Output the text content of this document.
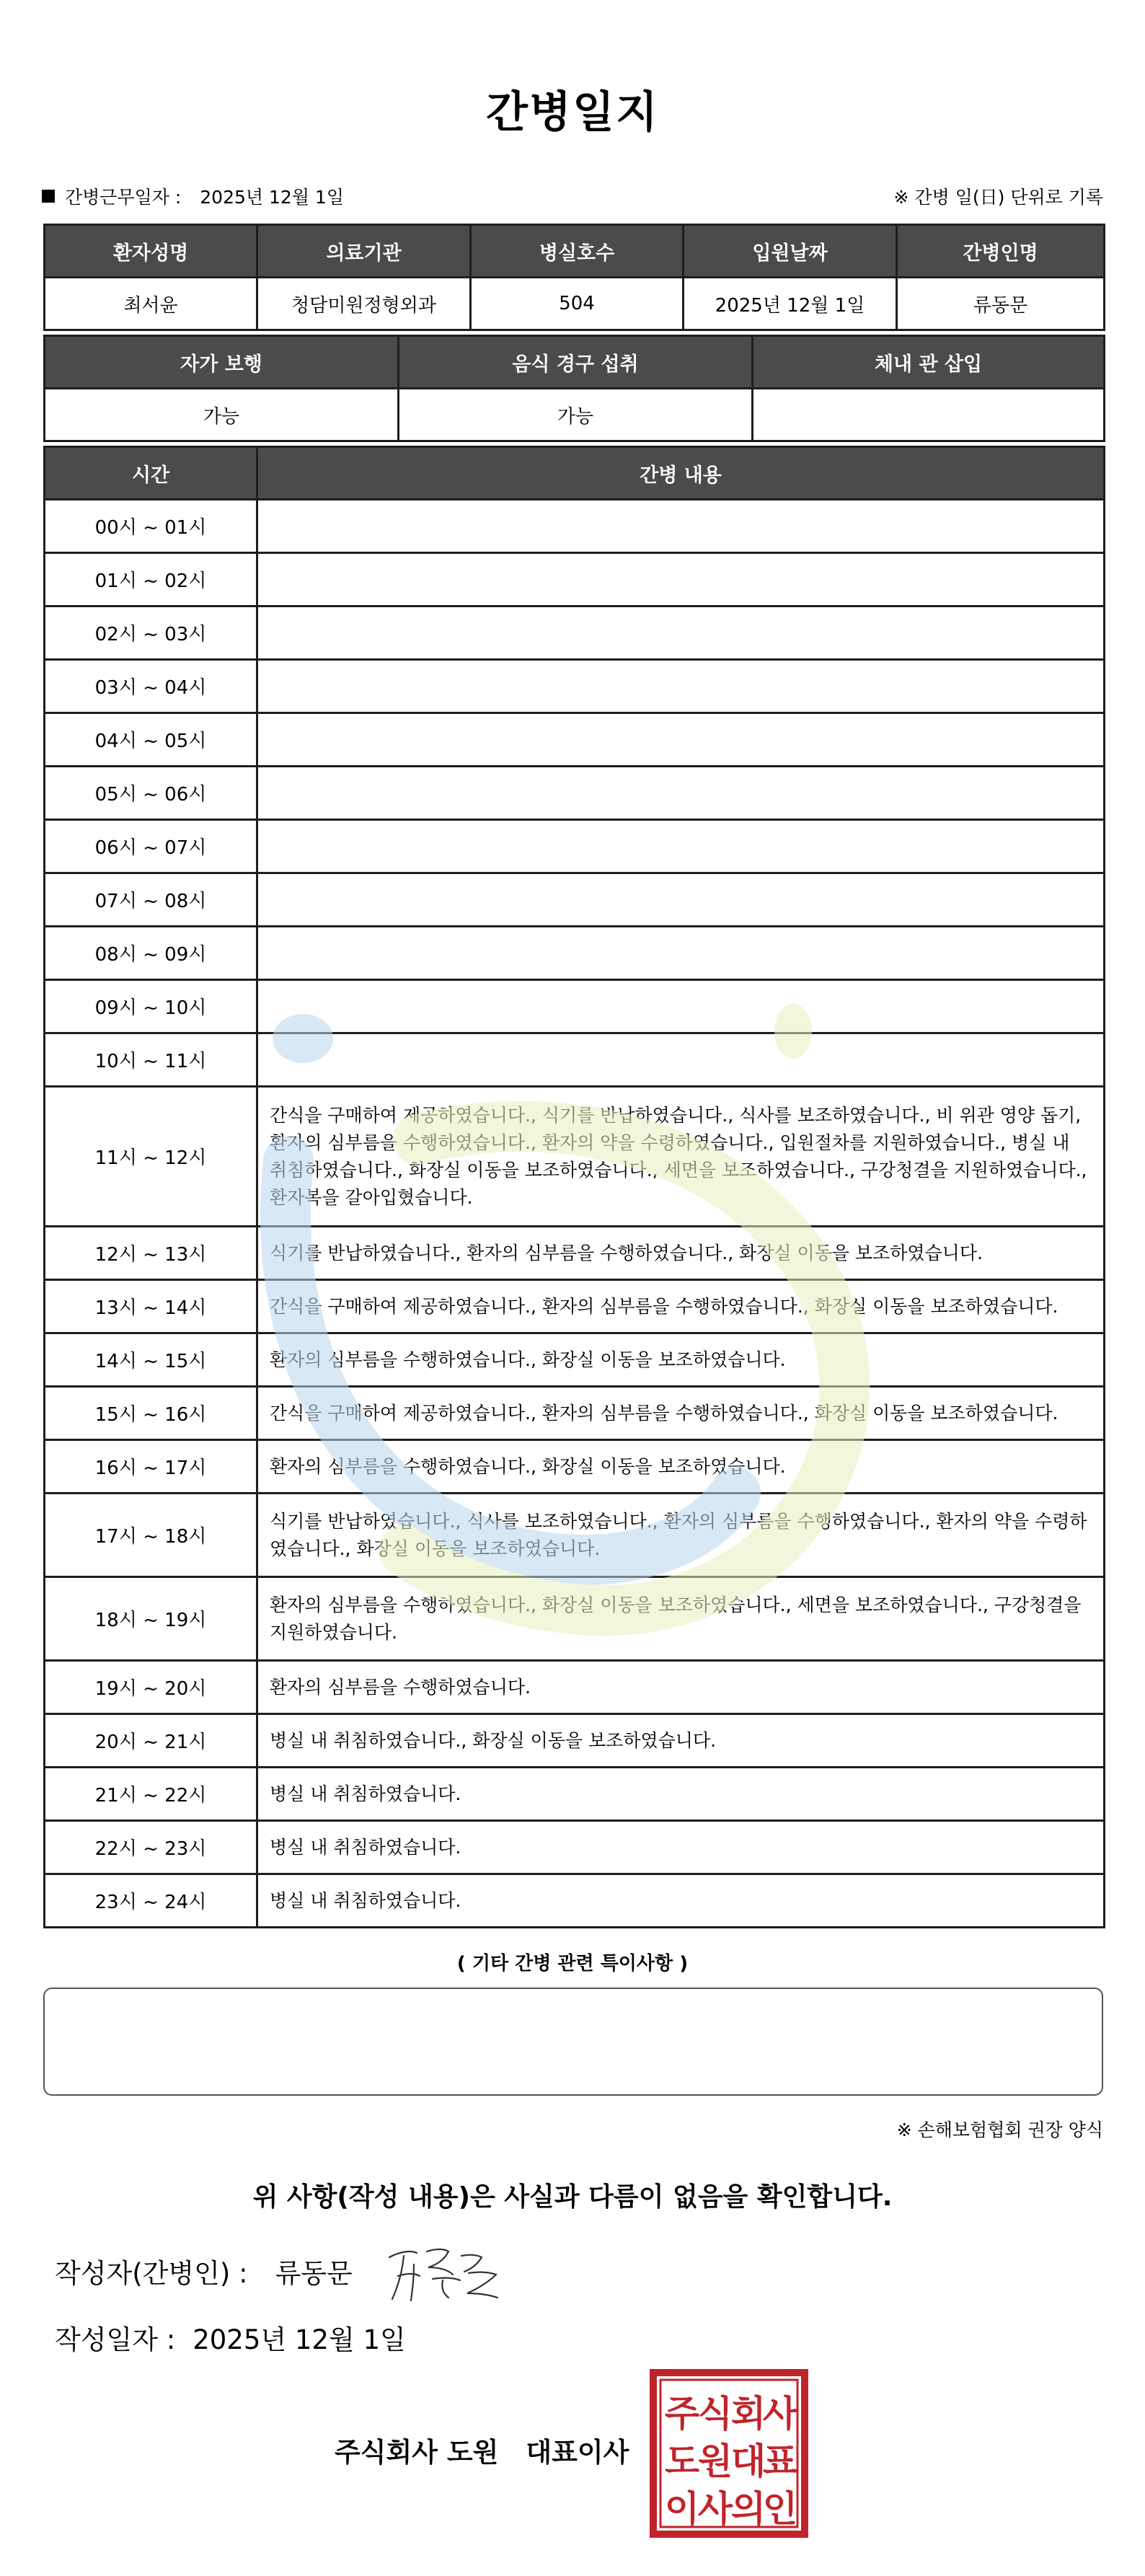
간병일지
간병근무일자 : 2025년 12월 1일	※ 간병 일(日) 단위로 기록
환자성명	의료기관	병실호수	입원날짜	간병인명
최서윤	청담미원정형외과	504	2025년 12월 1일	류동문
자가 보행	음식 경구 섭취	체내 관 삽입
가능	가능	
시간	간병 내용
00시 ~ 01시	
01시 ~ 02시	
02시 ~ 03시	
03시 ~ 04시	
04시 ~ 05시	
05시 ~ 06시	
06시 ~ 07시	
07시 ~ 08시	
08시 ~ 09시	
09시 ~ 10시	
10시 ~ 11시	
11시 ~ 12시	간식을 구매하여 제공하였습니다., 식기를 반납하였습니다., 식사를 보조하였습니다., 비 위관 영양 돕기, 환자의 심부름을 수행하였습니다., 환자의 약을 수령하였습니다., 입원절차를 지원하였습니다., 병실 내 취침하였습니다., 화장실 이동을 보조하였습니다., 세면을 보조하였습니다., 구강청결을 지원하였습니다., 환자복을 갈아입혔습니다.
12시 ~ 13시	식기를 반납하였습니다., 환자의 심부름을 수행하였습니다., 화장실 이동을 보조하였습니다.
13시 ~ 14시	간식을 구매하여 제공하였습니다., 환자의 심부름을 수행하였습니다., 화장실 이동을 보조하였습니다.
14시 ~ 15시	환자의 심부름을 수행하였습니다., 화장실 이동을 보조하였습니다.
15시 ~ 16시	간식을 구매하여 제공하였습니다., 환자의 심부름을 수행하였습니다., 화장실 이동을 보조하였습니다.
16시 ~ 17시	환자의 심부름을 수행하였습니다., 화장실 이동을 보조하였습니다.
17시 ~ 18시	식기를 반납하였습니다., 식사를 보조하였습니다., 환자의 심부름을 수행하였습니다., 환자의 약을 수령하였습니다., 화장실 이동을 보조하였습니다.
18시 ~ 19시	환자의 심부름을 수행하였습니다., 화장실 이동을 보조하였습니다., 세면을 보조하였습니다., 구강청결을 지원하였습니다.
19시 ~ 20시	환자의 심부름을 수행하였습니다.
20시 ~ 21시	병실 내 취침하였습니다., 화장실 이동을 보조하였습니다.
21시 ~ 22시	병실 내 취침하였습니다.
22시 ~ 23시	병실 내 취침하였습니다.
23시 ~ 24시	병실 내 취침하였습니다.
( 기타 간병 관련 특이사항 )
※ 손해보험협회 권장 양식
위 사항(작성 내용)은 사실과 다름이 없음을 확인합니다.
작성자(간병인) : 류동문
작성일자 : 2025년 12월 1일
주식회사 도원 대표이사
주
식
회
사
도
원
대
표
이
사
의
인
